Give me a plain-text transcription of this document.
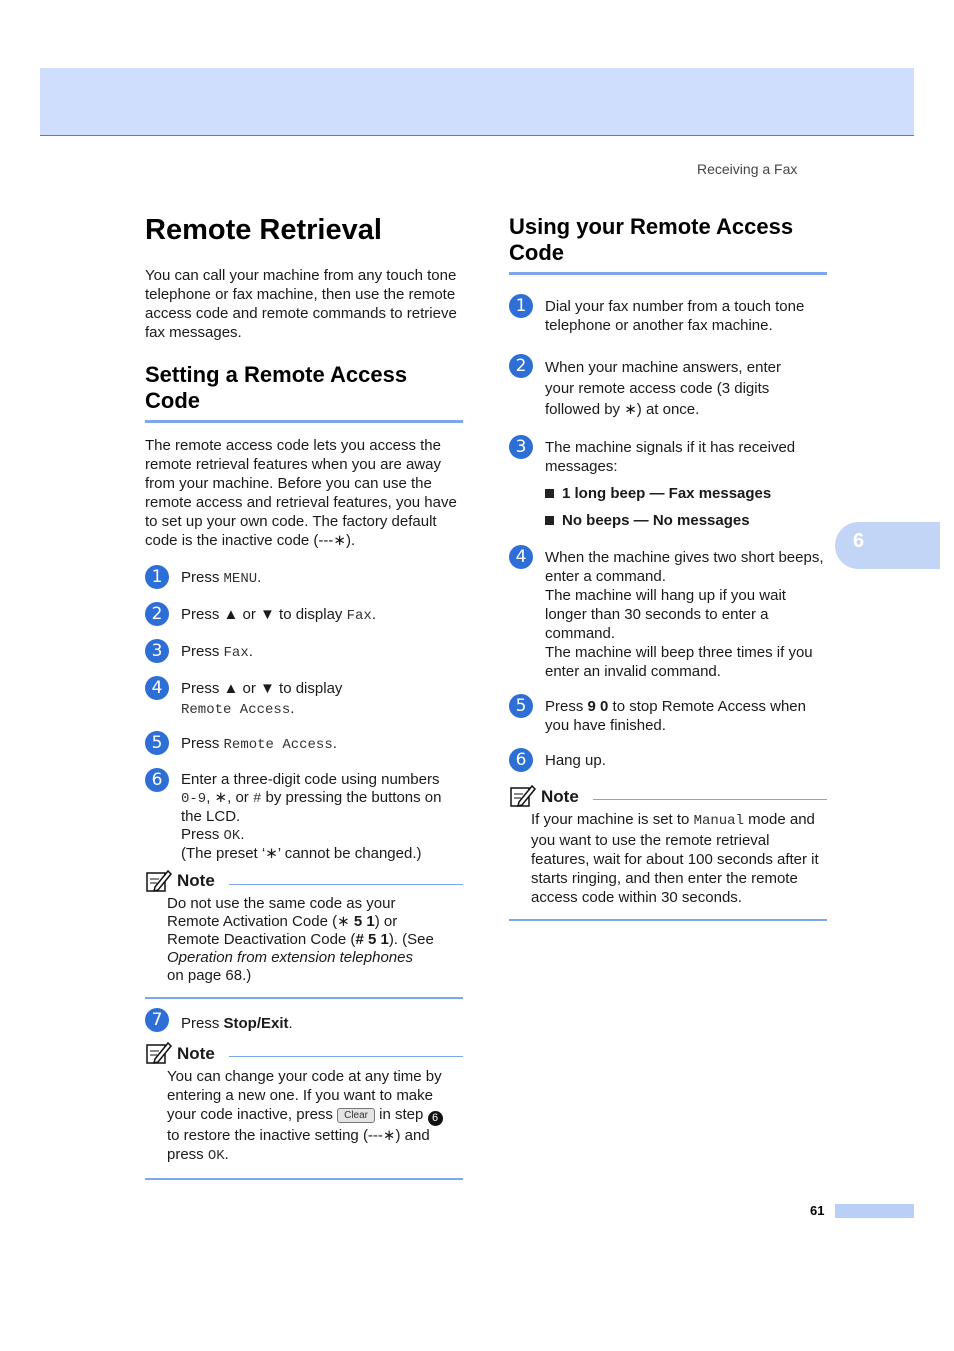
Receiving a Fax
6
Remote Retrieval

You can call your machine from any touch tone telephone or fax machine, then use the remote access code and remote commands to retrieve fax messages.

Setting a Remote Access
Code

The remote access code lets you access the remote retrieval features when you are away from your machine. Before you can use the remote access and retrieval features, you have to set up your own code. The factory default code is the inactive code (---∗).

1	Press MENU.
2	Press ▲ or ▼ to display Fax.
3	Press Fax.
4	Press ▲ or ▼ to display
Remote Access.
5	Press Remote Access.
6	Enter a three-digit code using numbers
0-9, ∗, or # by pressing the buttons on the LCD.
Press OK.
(The preset ‘∗’ cannot be changed.)
Note
Do not use the same code as your
Remote Activation Code (∗ 5 1) or
Remote Deactivation Code (# 5 1). (See
Operation from extension telephones
on page 68.)
7	Press Stop/Exit.
Note
You can change your code at any time by entering a new one. If you want to make
your code inactive, press Clear in step 6
to restore the inactive setting (---∗) and
press OK.
Using your Remote Access
Code
1	Dial your fax number from a touch tone telephone or another fax machine.
2	When your machine answers, enter
your remote access code (3 digits
followed by ∗) at once.
3	The machine signals if it has received messages:
1 long beep — Fax messages
No beeps — No messages
4	When the machine gives two short beeps, enter a command.
The machine will hang up if you wait longer than 30 seconds to enter a command.
The machine will beep three times if you enter an invalid command.
5	Press 9 0 to stop Remote Access when you have finished.
6	Hang up.
Note
If your machine is set to Manual mode and you want to use the remote retrieval features, wait for about 100 seconds after it starts ringing, and then enter the remote access code within 30 seconds.
61
